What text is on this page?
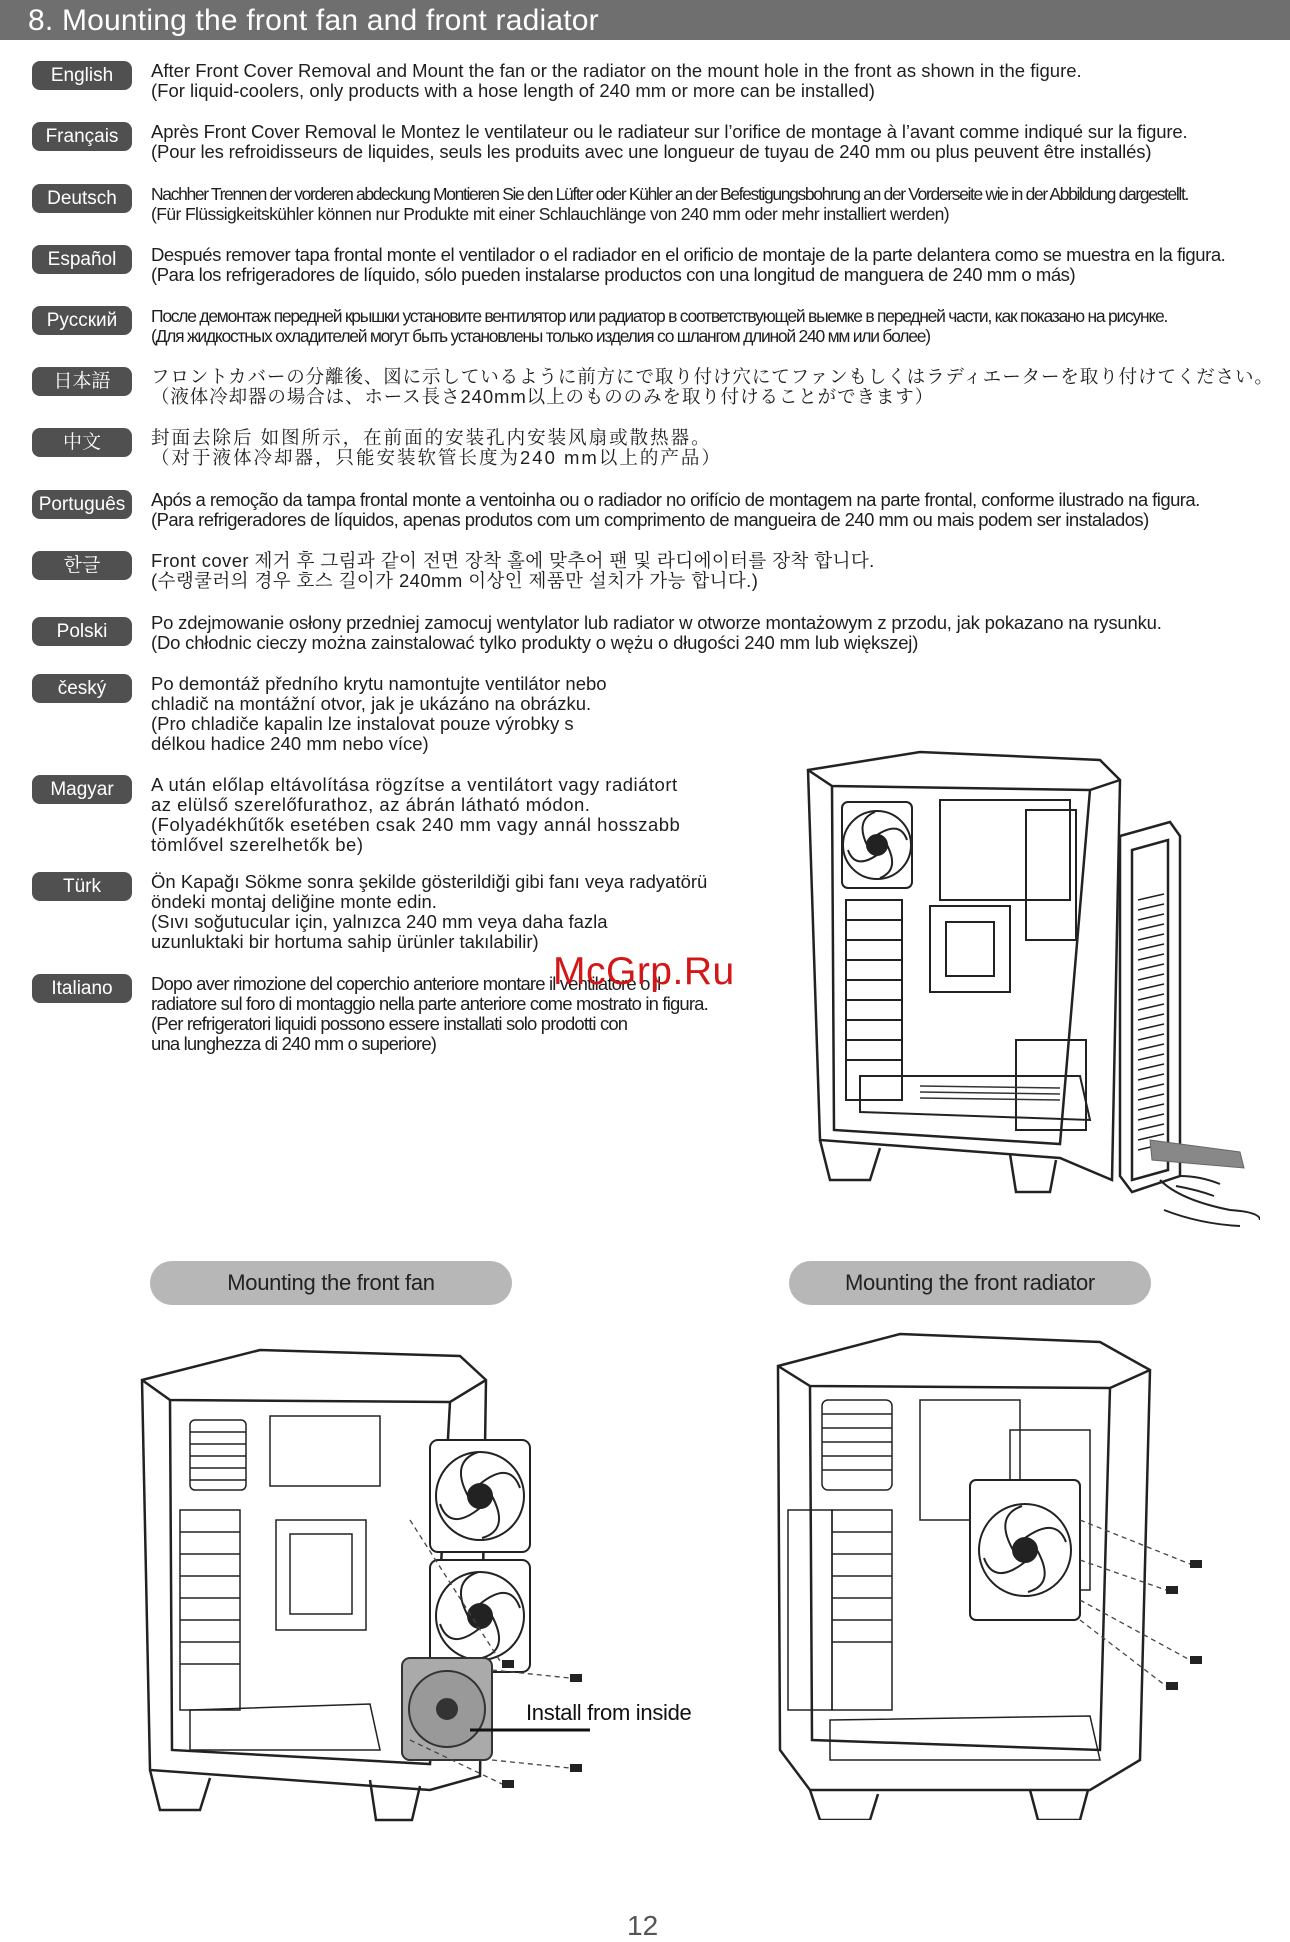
8. Mounting the front fan and front radiator
English	After Front Cover Removal and Mount the fan or the radiator on the mount hole in the front as shown in the figure.

(For liquid-coolers, only products with a hose length of 240 mm or more can be installed)

Français	Après Front Cover Removal le Montez le ventilateur ou le radiateur sur l’orifice de montage à l’avant comme indiqué sur la figure.

(Pour les refroidisseurs de liquides, seuls les produits avec une longueur de tuyau de 240 mm ou plus peuvent être installés)

Deutsch	Nachher Trennen der vorderen abdeckung Montieren Sie den Lüfter oder Kühler an der Befestigungsbohrung an der Vorderseite wie in der Abbildung dargestellt.

(Für Flüssigkeitskühler können nur Produkte mit einer Schlauchlänge von 240 mm oder mehr installiert werden)

Español	Después remover tapa frontal monte el ventilador o el radiador en el orificio de montaje de la parte delantera como se muestra en la figura.

(Para los refrigeradores de líquido, sólo pueden instalarse productos con una longitud de manguera de 240 mm o más)

Русский	После демонтаж передней крышки установите вентилятор или радиатор в соответствующей выемке в передней части, как показано на рисунке.

(Для жидкостных охладителей могут быть установлены только изделия со шлангом длиной 240 мм или более)

日本語	フロントカバーの分離後、図に示しているように前方にで取り付け穴にてファンもしくはラディエーターを取り付けてください。

（液体冷却器の場合は、ホース長さ240mm以上のもののみを取り付けることができます）

中文	封面去除后 如图所示，在前面的安装孔内安装风扇或散热器。

（对于液体冷却器，只能安装软管长度为240 mm以上的产品）

Português	Após a remoção da tampa frontal monte a ventoinha ou o radiador no orifício de montagem na parte frontal, conforme ilustrado na figura.

(Para refrigeradores de líquidos, apenas produtos com um comprimento de mangueira de 240 mm ou mais podem ser instalados)

한글	Front cover 제거 후 그림과 같이 전면 장착 홀에 맞추어 팬 및 라디에이터를 장착 합니다.

(수랭쿨러의 경우 호스 길이가 240mm 이상인 제품만 설치가 가능 합니다.)

Polski	Po zdejmowanie osłony przedniej zamocuj wentylator lub radiator w otworze montażowym z przodu, jak pokazano na rysunku.

(Do chłodnic cieczy można zainstalować tylko produkty o wężu o długości 240 mm lub większej)

český	Po demontáž předního krytu namontujte ventilátor nebo

chladič na montážní otvor, jak je ukázáno na obrázku.

(Pro chladiče kapalin lze instalovat pouze výrobky s

délkou hadice 240 mm nebo více)

Magyar	A után előlap eltávolítása rögzítse a ventilátort vagy radiátort

az elülső szerelőfurathoz, az ábrán látható módon.

(Folyadékhűtők esetében csak 240 mm vagy annál hosszabb

tömlővel szerelhetők be)

Türk	Ön Kapağı Sökme sonra şekilde gösterildiği gibi fanı veya radyatörü

öndeki montaj deliğine monte edin.

(Sıvı soğutucular için, yalnızca 240 mm veya daha fazla

uzunluktaki bir hortuma sahip ürünler takılabilir)

Italiano	Dopo aver rimozione del coperchio anteriore montare il ventilatore o il

radiatore sul foro di montaggio nella parte anteriore come mostrato in figura.

(Per refrigeratori liquidi possono essere installati solo prodotti con

una lunghezza di 240 mm o superiore)

McGrp.Ru
Mounting the front fan	Mounting the front radiator
Install from inside
12
